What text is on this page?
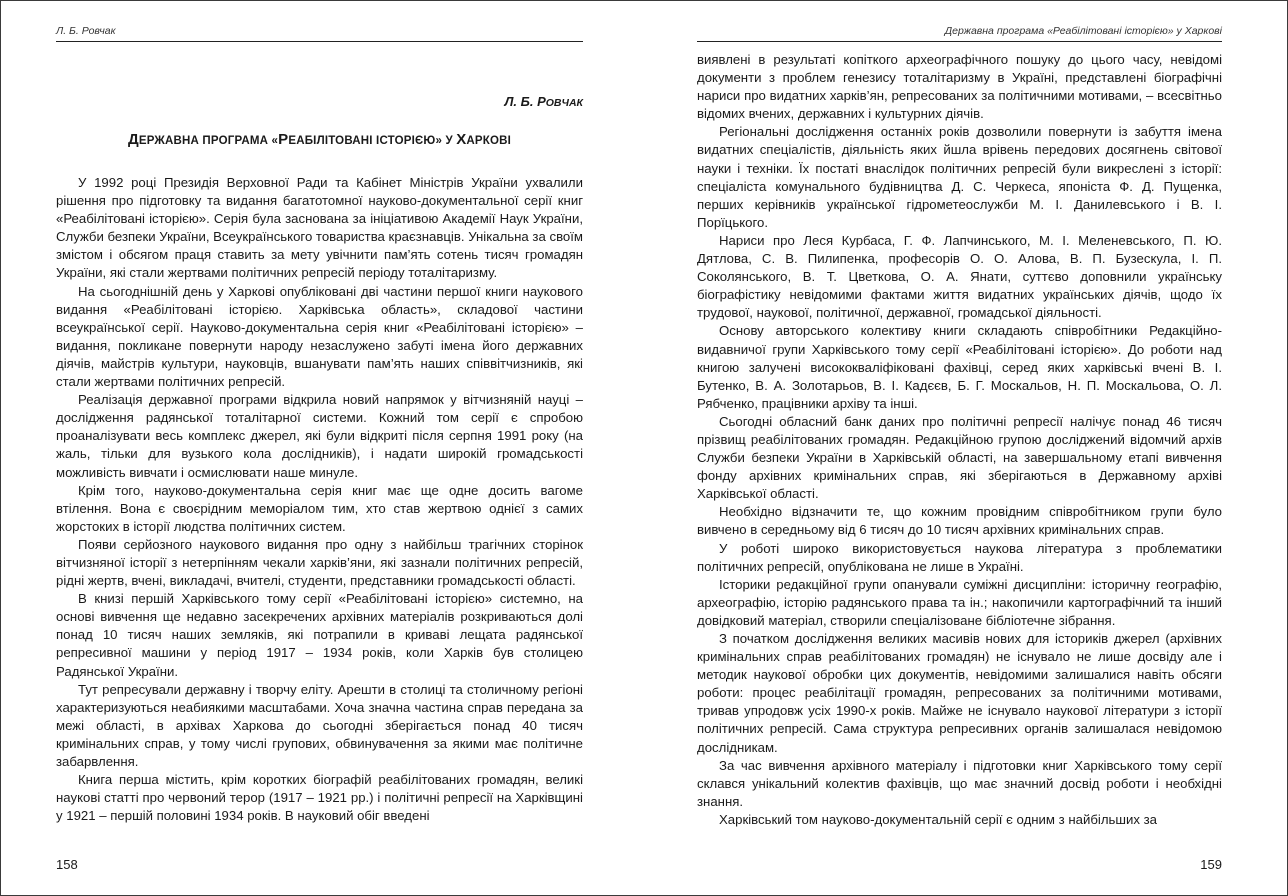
Л. Б. Ровчак
Л. Б. РОВЧАК
ДЕРЖАВНА ПРОГРАМА «РЕАБІЛІТОВАНІ ІСТОРІЄЮ» У ХАРКОВІ

У 1992 році Президія Верховної Ради та Кабінет Міністрів України ухвалили рішення про підготовку та видання багатотомної науково-документальної серії книг «Реабілітовані історією». Серія була заснована за ініціативою Академії Наук України, Служби безпеки України, Всеукраїнського товариства краєзнавців. Унікальна за своїм змістом і обсягом праця ставить за мету увічнити пам’ять сотень тисяч громадян України, які стали жертвами політичних репресій періоду тоталітаризму.

На сьогоднішній день у Харкові опубліковані дві частини першої книги наукового видання «Реабілітовані історією. Харківська область», складової частини всеукраїнської серії. Науково-документальна серія книг «Реабілітовані історією» – видання, покликане повернути народу незаслужено забуті імена його державних діячів, майстрів культури, науковців, вшанувати пам’ять наших співвітчизників, які стали жертвами політичних репресій.

Реалізація державної програми відкрила новий напрямок у вітчизняній науці – дослідження радянської тоталітарної системи. Кожний том серії є спробою проаналізувати весь комплекс джерел, які були відкриті після серпня 1991 року (на жаль, тільки для вузького кола дослідників), і надати широкій громадськості можливість вивчати і осмислювати наше минуле.

Крім того, науково-документальна серія книг має ще одне досить вагоме втілення. Вона є своєрідним меморіалом тим, хто став жертвою однієї з самих жорстоких в історії людства політичних систем.

Появи серйозного наукового видання про одну з найбільш трагічних сторінок вітчизняної історії з нетерпінням чекали харків’яни, які зазнали політичних репресій, рідні жертв, вчені, викладачі, вчителі, студенти, представники громадськості області.

В книзі першій Харківського тому серії «Реабілітовані історією» системно, на основі вивчення ще недавно засекречених архівних матеріалів розкриваються долі понад 10 тисяч наших земляків, які потрапили в криваві лещата радянської репресивної машини у період 1917 – 1934 років, коли Харків був столицею Радянської України.

Тут репресували державну і творчу еліту. Арешти в столиці та столичному регіоні характеризуються неабиякими масштабами. Хоча значна частина справ передана за межі області, в архівах Харкова до сьогодні зберігається понад 40 тисяч кримінальних справ, у тому числі групових, обвинувачення за якими має політичне забарвлення.

Книга перша містить, крім коротких біографій реабілітованих громадян, великі наукові статті про червоний терор (1917 – 1921 рр.) і політичні репресії на Харківщині у 1921 – першій половині 1934 років. В науковий обіг введені

158
Державна програма «Реабілітовані історією» у Харкові

виявлені в результаті копіткого археографічного пошуку до цього часу, невідомі документи з проблем генезису тоталітаризму в Україні, представлені біографічні нариси про видатних харків’ян, репресованих за політичними мотивами, – всесвітньо відомих вчених, державних і культурних діячів.

Регіональні дослідження останніх років дозволили повернути із забуття імена видатних спеціалістів, діяльність яких йшла врівень передових досягнень світової науки і техніки. Їх постаті внаслідок політичних репресій були викреслені з історії: спеціаліста комунального будівництва Д. С. Черкеса, японіста Ф. Д. Пущенка, перших керівників української гідрометеослужби М. І. Данилевського і В. І. Порїцького.

Нариси про Леся Курбаса, Г. Ф. Лапчинського, М. І. Меленевського, П. Ю. Дятлова, С. В. Пилипенка, професорів О. О. Алова, В. П. Бузескула, І. П. Соколянського, В. Т. Цветкова, О. А. Янати, суттєво доповнили українську біографістику невідомими фактами життя видатних українських діячів, щодо їх трудової, наукової, політичної, державної, громадської діяльності.

Основу авторського колективу книги складають співробітники Редакційно-видавничої групи Харківського тому серії «Реабілітовані історією». До роботи над книгою залучені висококваліфіковані фахівці, серед яких харківські вчені В. І. Бутенко, В. А. Золотарьов, В. І. Кадєєв, Б. Г. Москальов, Н. П. Москальова, О. Л. Рябченко, працівники архіву та інші.

Сьогодні обласний банк даних про політичні репресії налічує понад 46 тисяч прізвищ реабілітованих громадян. Редакційною групою досліджений відомчий архів Служби безпеки України в Харківській області, на завершальному етапі вивчення фонду архівних кримінальних справ, які зберігаються в Державному архіві Харківської області.

Необхідно відзначити те, що кожним провідним співробітником групи було вивчено в середньому від 6 тисяч до 10 тисяч архівних кримінальних справ.

У роботі широко використовується наукова література з проблематики політичних репресій, опублікована не лише в Україні.

Історики редакційної групи опанували суміжні дисципліни: історичну географію, археографію, історію радянського права та ін.; накопичили картографічний та інший довідковий матеріал, створили спеціалізоване бібліотечне зібрання.

З початком дослідження великих масивів нових для істориків джерел (архівних кримінальних справ реабілітованих громадян) не існувало не лише досвіду але і методик наукової обробки цих документів, невідомими залишалися навіть обсяги роботи: процес реабілітації громадян, репресованих за політичними мотивами, тривав упродовж усіх 1990-х років. Майже не існувало наукової літератури з історії політичних репресій. Сама структура репресивних органів залишалася невідомою дослідникам.

За час вивчення архівного матеріалу і підготовки книг Харківського тому серії склався унікальний колектив фахівців, що має значний досвід роботи і необхідні знання.

Харківський том науково-документальній серії є одним з найбільших за

159
